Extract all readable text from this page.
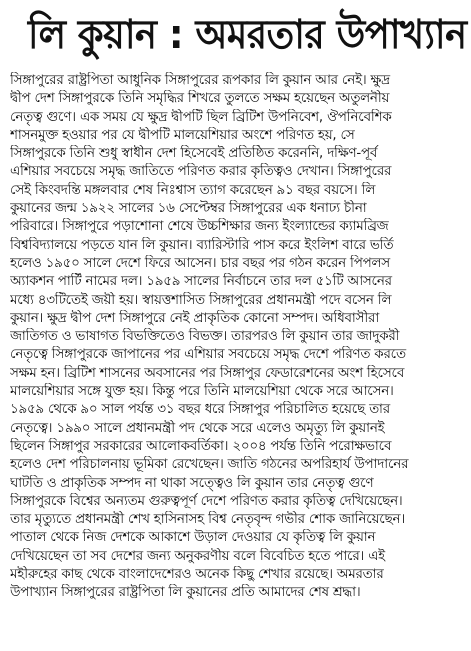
লি কুয়ান : অমরতার উপাখ্যান
সিঙ্গাপুরের রাষ্ট্রপিতা আধুনিক সিঙ্গাপুরের রূপকার লি কুয়ান আর নেই। ক্ষুদ্র
দ্বীপ দেশ সিঙ্গাপুরকে তিনি সমৃদ্ধির শিখরে তুলতে সক্ষম হয়েছেন অতুলনীয়
নেতৃত্ব গুণে। এক সময় যে ক্ষুদ্র দ্বীপটি ছিল ব্রিটিশ উপনিবেশ, ঔপনিবেশিক
শাসনমুক্ত হওয়ার পর যে দ্বীপটি মালয়েশিয়ার অংশে পরিণত হয়, সে
সিঙ্গাপুরকে তিনি শুধু স্বাধীন দেশ হিসেবেই প্রতিষ্ঠিত করেননি, দক্ষিণ-পূর্ব
এশিয়ার সবচেয়ে সমৃদ্ধ জাতিতে পরিণত করার কৃতিত্বও দেখান। সিঙ্গাপুরের
সেই কিংবদন্তি মঙ্গলবার শেষ নিঃশ্বাস ত্যাগ করেছেন ৯১ বছর বয়সে। লি
কুয়ানের জন্ম ১৯২২ সালের ১৬ সেপ্টেম্বর সিঙ্গাপুরের এক ধনাঢ্য চীনা
পরিবারে। সিঙ্গাপুরে পড়াশোনা শেষে উচ্চশিক্ষার জন্য ইংল্যান্ডের ক্যামব্রিজ
বিশ্ববিদ্যালয়ে পড়তে যান লি কুয়ান। ব্যারিস্টারি পাস করে ইংলিশ বারে ভর্তি
হলেও ১৯৫০ সালে দেশে ফিরে আসেন। চার বছর পর গঠন করেন পিপলস
অ্যাকশন পার্টি নামের দল। ১৯৫৯ সালের নির্বাচনে তার দল ৫১টি আসনের
মধ্যে ৪৩টিতেই জয়ী হয়। স্বায়ত্তশাসিত সিঙ্গাপুরের প্রধানমন্ত্রী পদে বসেন লি
কুয়ান। ক্ষুদ্র দ্বীপ দেশ সিঙ্গাপুরে নেই প্রাকৃতিক কোনো সম্পদ। অধিবাসীরা
জাতিগত ও ভাষাগত বিভক্তিতেও বিভক্ত। তারপরও লি কুয়ান তার জাদুকরী
নেতৃত্বে সিঙ্গাপুরকে জাপানের পর এশিয়ার সবচেয়ে সমৃদ্ধ দেশে পরিণত করতে
সক্ষম হন। ব্রিটিশ শাসনের অবসানের পর সিঙ্গাপুর ফেডারেশনের অংশ হিসেবে
মালয়েশিয়ার সঙ্গে যুক্ত হয়। কিন্তু পরে তিনি মালয়েশিয়া থেকে সরে আসেন।
১৯৫৯ থেকে ৯০ সাল পর্যন্ত ৩১ বছর ধরে সিঙ্গাপুর পরিচালিত হয়েছে তার
নেতৃত্বে। ১৯৯০ সালে প্রধানমন্ত্রী পদ থেকে সরে এলেও অমৃত্যু লি কুয়ানই
ছিলেন সিঙ্গাপুর সরকারের আলোকবর্তিকা। ২০০৪ পর্যন্ত তিনি পরোক্ষভাবে
হলেও দেশ পরিচালনায় ভূমিকা রেখেছেন। জাতি গঠনের অপরিহার্য উপাদানের
ঘাটতি ও প্রাকৃতিক সম্পদ না থাকা সত্ত্বেও লি কুয়ান তার নেতৃত্ব গুণে
সিঙ্গাপুরকে বিশ্বের অন্যতম গুরুত্বপূর্ণ দেশে পরিণত করার কৃতিত্ব দেখিয়েছেন।
তার মৃত্যুতে প্রধানমন্ত্রী শেখ হাসিনাসহ বিশ্ব নেতৃবৃন্দ গভীর শোক জানিয়েছেন।
পাতাল থেকে নিজ দেশকে আকাশে উড়াল দেওয়ার যে কৃতিত্ব লি কুয়ান
দেখিয়েছেন তা সব দেশের জন্য অনুকরণীয় বলে বিবেচিত হতে পারে। এই
মহীরুহের কাছ থেকে বাংলাদেশেরও অনেক কিছু শেখার রয়েছে। অমরতার
উপাখ্যান সিঙ্গাপুরের রাষ্ট্রপিতা লি কুয়ানের প্রতি আমাদের শেষ শ্রদ্ধা।
